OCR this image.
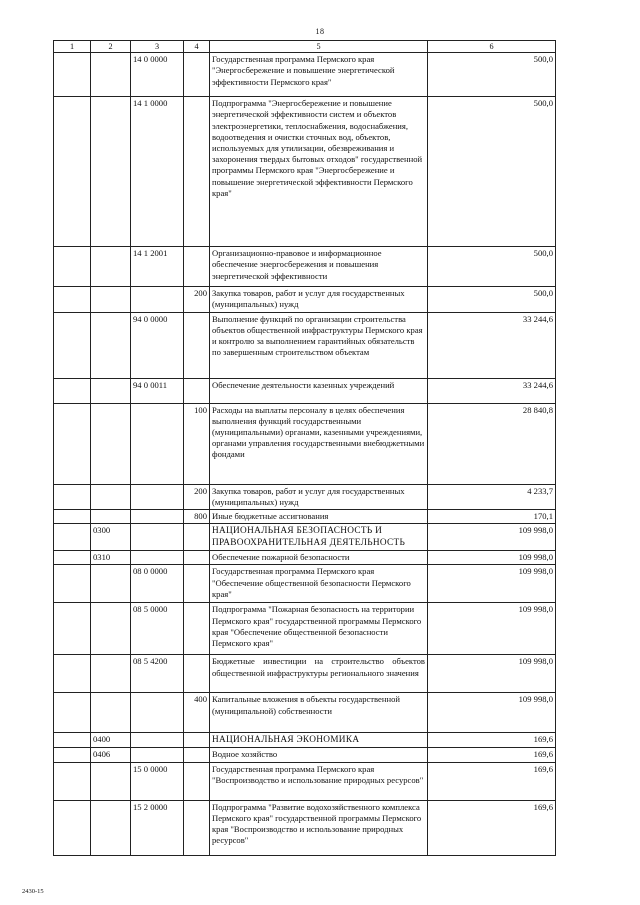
18
1	2	3	4	5	6
		14 0 0000		Государственная программа Пермского края "Энергосбережение и повышение энергетической эффективности Пермского края"	500,0
		14 1 0000		Подпрограмма "Энергосбережение и повышение энергетической эффективности систем и объектов электроэнергетики, теплоснабжения, водоснабжения, водоотведения и очистки сточных вод, объектов, используемых для утилизации, обезвреживания и захоронения твердых бытовых отходов" государственной программы Пермского края "Энергосбережение и повышение энергетической эффективности Пермского края"	500,0
		14 1 2001		Организационно-правовое и информационное обеспечение энергосбережения и повышения энергетической эффективности	500,0
			200	Закупка товаров, работ и услуг для государственных (муниципальных) нужд	500,0
		94 0 0000		Выполнение функций по организации строительства объектов общественной инфраструктуры Пермского края и контролю за выполнением гарантийных обязательств по завершенным строительством объектам	33 244,6
		94 0 0011		Обеспечение деятельности казенных учреждений	33 244,6
			100	Расходы на выплаты персоналу в целях обеспечения выполнения функций государственными (муниципальными) органами, казенными учреждениями, органами управления государственными внебюджетными фондами	28 840,8
			200	Закупка товаров, работ и услуг для государственных (муниципальных) нужд	4 233,7
			800	Иные бюджетные ассигнования	170,1
	0300			НАЦИОНАЛЬНАЯ БЕЗОПАСНОСТЬ И ПРАВООХРАНИТЕЛЬНАЯ ДЕЯТЕЛЬНОСТЬ	109 998,0
	0310			Обеспечение пожарной безопасности	109 998,0
		08 0 0000		Государственная программа Пермского края "Обеспечение общественной безопасности Пермского края"	109 998,0
		08 5 0000		Подпрограмма "Пожарная безопасность на территории Пермского края" государственной программы Пермского края "Обеспечение общественной безопасности Пермского края"	109 998,0
		08 5 4200		Бюджетные инвестиции на строительство объектов общественной инфраструктуры регионального значения	109 998,0
			400	Капитальные вложения в объекты государственной (муниципальной) собственности	109 998,0
	0400			НАЦИОНАЛЬНАЯ ЭКОНОМИКА	169,6
	0406			Водное хозяйство	169,6
		15 0 0000		Государственная программа Пермского края "Воспроизводство и использование природных ресурсов"	169,6
		15 2 0000		Подпрограмма "Развитие водохозяйственного комплекса Пермского края" государственной программы Пермского края "Воспроизводство и использование природных ресурсов"	169,6
2430-15
